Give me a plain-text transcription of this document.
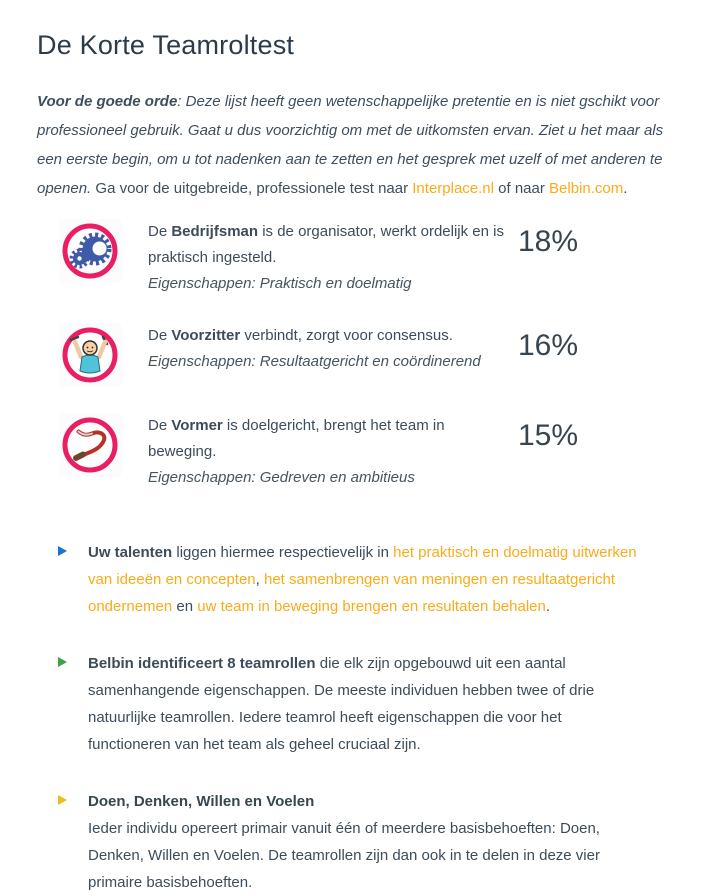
De Korte Teamroltest

Voor de goede orde: Deze lijst heeft geen wetenschappelijke pretentie en is niet gschikt voor professioneel gebruik. Gaat u dus voorzichtig om met de uitkomsten ervan. Ziet u het maar als een eerste begin, om u tot nadenken aan te zetten en het gesprek met uzelf of met anderen te openen. Ga voor de uitgebreide, professionele test naar Interplace.nl of naar Belbin.com.

De Bedrijfsman is de organisator, werkt ordelijk en is praktisch ingesteld.
Eigenschappen: Praktisch en doelmatig
18%
De Voorzitter verbindt, zorgt voor consensus.
Eigenschappen: Resultaatgericht en coördinerend	16%
De Vormer is doelgericht, brengt het team in beweging.
Eigenschappen: Gedreven en ambitieus
15%
Uw talenten liggen hiermee respectievelijk in het praktisch en doelmatig uitwerken van ideeën en concepten, het samenbrengen van meningen en resultaatgericht ondernemen en uw team in beweging brengen en resultaten behalen.
Belbin identificeert 8 teamrollen die elk zijn opgebouwd uit een aantal samenhangende eigenschappen. De meeste individuen hebben twee of drie natuurlijke teamrollen. Iedere teamrol heeft eigenschappen die voor het functioneren van het team als geheel cruciaal zijn.
Doen, Denken, Willen en Voelen
Ieder individu opereert primair vanuit één of meerdere basisbehoeften: Doen, Denken, Willen en Voelen. De teamrollen zijn dan ook in te delen in deze vier primaire basisbehoeften.
